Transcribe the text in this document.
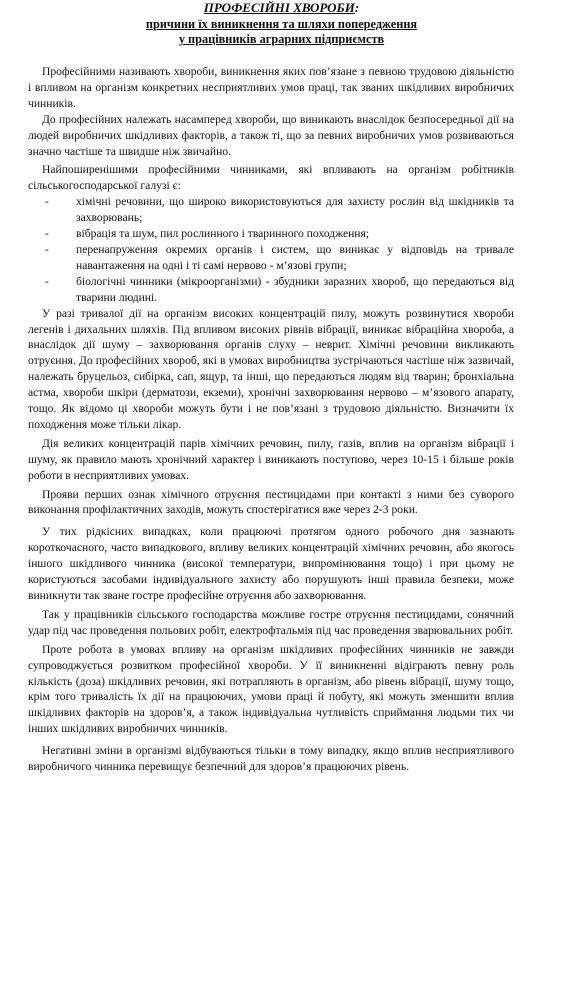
ПРОФЕСІЙНІ ХВОРОБИ:
причини їх виникнення та шляхи попередження
у працівників аграрних підприємств

Професійними називають хвороби, виникнення яких пов’язане з певною трудовою діяльністю і впливом на організм конкретних несприятливих умов праці, так званих шкідливих виробничих чинників.

До професійних належать насамперед хвороби, що виникають внаслідок безпосередньої дії на людей виробничих шкідливих факторів, а також ті, що за певних виробничих умов розвиваються значно частіше та швидше ніж звичайно.

Найпоширенішими професійними чинниками, які впливають на організм робітників сільськогосподарської галузі є:

- хімічні речовини, що широко використовуються для захисту рослин від шкідників та захворювань;
- вібрація та шум, пил рослинного і тваринного походження;
- перенапруження окремих органів і систем, що виникає у відповідь на тривале навантаження на одні і ті самі нервово - м’язові групи;
- біологічні чинники (мікроорганізми) - збудники заразних хвороб, що передаються від тварини людині.

У разі тривалої дії на організм високих концентрацій пилу, можуть розвинутися хвороби легенів і дихальних шляхів. Під впливом високих рівнів вібрації, виникає вібраційна хвороба, а внаслідок дії шуму – захворювання органів слуху – неврит. Хімічні речовини викликають отруєння. До професійних хвороб, які в умовах виробництва зустрічаються частіше ніж зазвичай, належать бруцельоз, сибірка, сап, ящур, та інші, що передаються людям від тварин; бронхіальна астма, хвороби шкіри (дерматози, екземи), хронічні захворювання нервово – м’язового апарату, тощо. Як відомо ці хвороби можуть бути і не пов’язані з трудовою діяльністю. Визначити їх походження може тільки лікар.

Дія великих концентрацій парів хімічних речовин, пилу, газів, вплив на організм вібрації і шуму, як правило мають хронічний характер і виникають поступово, через 10-15 і більше років роботи в несприятливих умовах.

Прояви перших ознак хімічного отруєння пестицидами при контакті з ними без суворого виконання профілактичних заходів, можуть спостерігатися вже через 2-3 роки.

У тих рідкісних випадках, коли працюючі протягом одного робочого дня зазнають короткочасного, часто випадкового, впливу великих концентрацій хімічних речовин, або якогось іншого шкідливого чинника (високої температури, випромінювання тощо) і при цьому не користуються засобами індивідуального захисту або порушують інші правила безпеки, може виникнути так зване гостре професійне отруєння або захворювання.

Так у працівників сільського господарства можливе гостре отруєння пестицидами, сонячний удар під час проведення польових робіт, електрофтальмія під час проведення зварювальних робіт.

Проте робота в умовах впливу на організм шкідливих професійних чинників не завжди супроводжується розвитком професійної хвороби. У її виникненні відіграють певну роль кількість (доза) шкідливих речовин, які потрапляють в організм, або рівень вібрації, шуму тощо, крім того тривалість їх дії на працюючих, умови праці й побуту, які можуть зменшити вплив шкідливих факторів на здоров’я, а також індивідуальна чутливість сприймання людьми тих чи інших шкідливих виробничих чинників.

Негативні зміни в організмі відбуваються тільки в тому випадку, якщо вплив несприятливого виробничого чинника перевищує безпечний для здоров’я працюючих рівень.
